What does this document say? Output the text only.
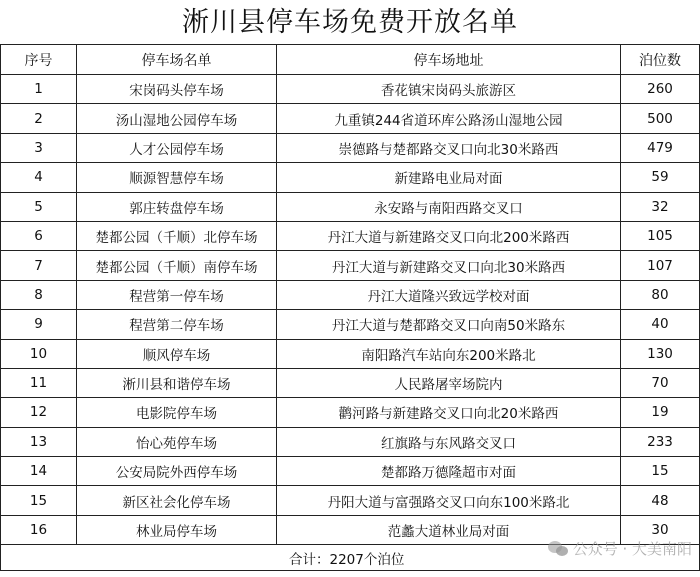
淅川县停车场免费开放名单
序号	停车场名单	停车场地址	泊位数
1	宋岗码头停车场	香花镇宋岗码头旅游区	260
2	汤山湿地公园停车场	九重镇244省道环库公路汤山湿地公园	500
3	人才公园停车场	崇德路与楚都路交叉口向北30米路西	479
4	顺源智慧停车场	新建路电业局对面	59
5	郭庄转盘停车场	永安路与南阳西路交叉口	32
6	楚都公园（千顺）北停车场	丹江大道与新建路交叉口向北200米路西	105
7	楚都公园（千顺）南停车场	丹江大道与新建路交叉口向北30米路西	107
8	程营第一停车场	丹江大道隆兴致远学校对面	80
9	程营第二停车场	丹江大道与楚都路交叉口向南50米路东	40
10	顺风停车场	南阳路汽车站向东200米路北	130
11	淅川县和谐停车场	人民路屠宰场院内	70
12	电影院停车场	鹳河路与新建路交叉口向北20米路西	19
13	怡心苑停车场	红旗路与东风路交叉口	233
14	公安局院外西停车场	楚都路万德隆超市对面	15
15	新区社会化停车场	丹阳大道与富强路交叉口向东100米路北	48
16	林业局停车场	范蠡大道林业局对面	30
合计：2207个泊位			
公众号 · 大美南阳
